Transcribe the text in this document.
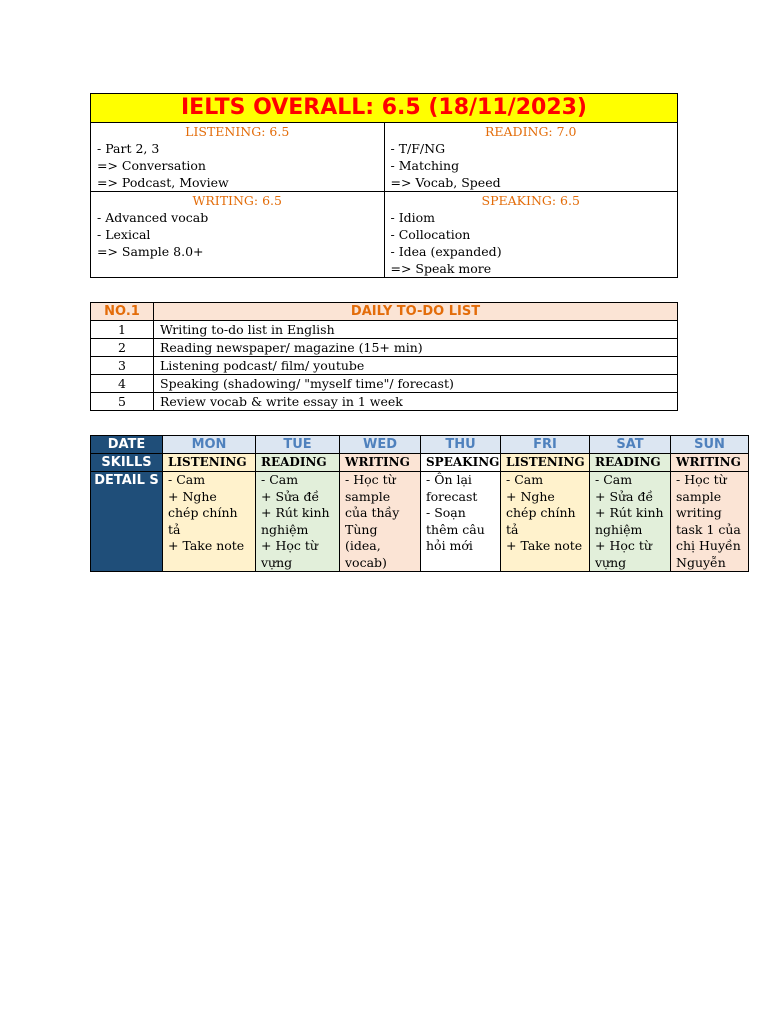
IELTS OVERALL: 6.5 (18/11/2023)	

LISTENING: 6.5
- Part 2, 3
=> Conversation
=> Podcast, Moview	READING: 7.0
- T/F/NG
- Matching
=> Vocab, Speed

WRITING: 6.5
- Advanced vocab
- Lexical
=> Sample 8.0+	SPEAKING: 6.5
- Idiom
- Collocation
- Idea (expanded)
=> Speak more
NO.1	DAILY TO-DO LIST
1	Writing to-do list in English
2	Reading newspaper/ magazine (15+ min)
3	Listening podcast/ film/ youtube
4	Speaking (shadowing/ "myself time"/ forecast)
5	Review vocab & write essay in 1 week
DATE	MON	TUE	WED	THU	FRI	SAT	SUN
SKILLS	LISTENING	READING	WRITING	SPEAKING	LISTENING	READING	WRITING
DETAIL S	- Cam
+ Nghe chép chính tả
+ Take note	- Cam
+ Sửa đề
+ Rút kinh nghiệm
+ Học từ vựng	- Học từ sample của thầy Tùng (idea, vocab)	- Ôn lại forecast
- Soạn thêm câu hỏi mới	- Cam
+ Nghe chép chính tả
+ Take note	- Cam
+ Sửa đề
+ Rút kinh nghiệm
+ Học từ vựng	- Học từ sample writing task 1 của chị Huyền Nguyễn
